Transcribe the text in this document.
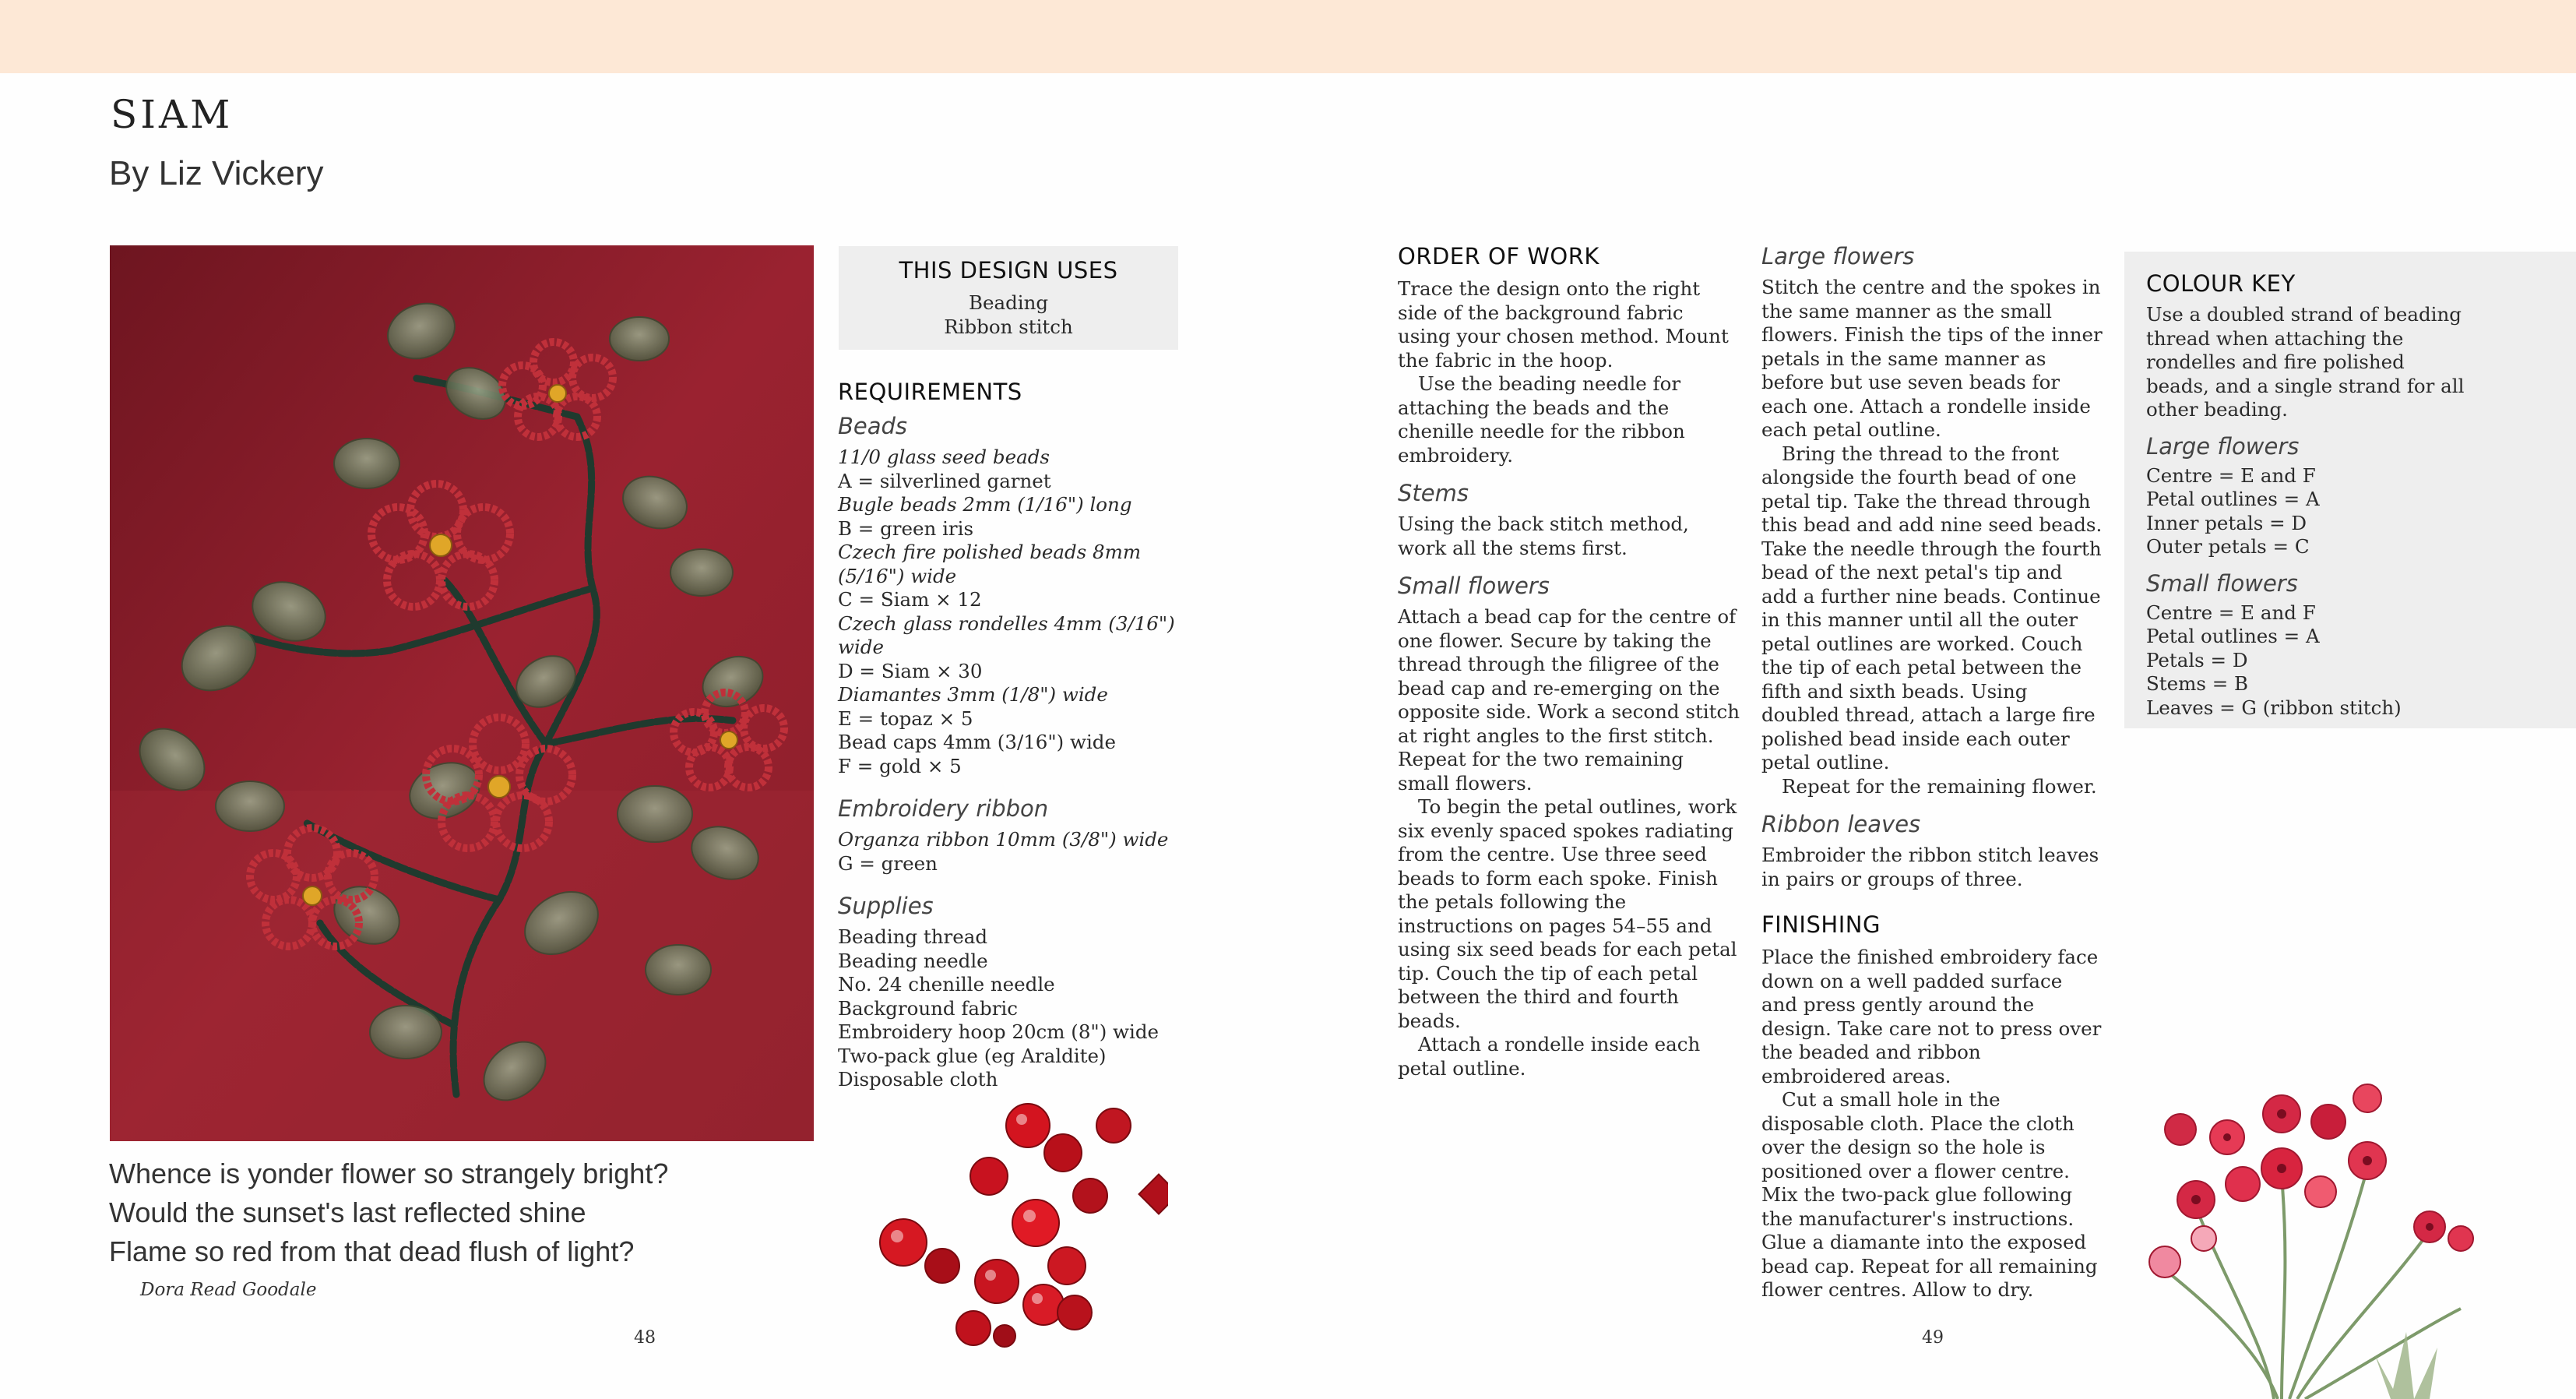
SIAM
By Liz Vickery
THIS DESIGN USES
Beading
Ribbon stitch
REQUIREMENTS
Beads
11/0 glass seed beads
A = silverlined garnet
Bugle beads 2mm (1/16") long
B = green iris
Czech fire polished beads 8mm (5/16") wide
C = Siam × 12
Czech glass rondelles 4mm (3/16") wide
D = Siam × 30
Diamantes 3mm (1/8") wide
E = topaz × 5
Bead caps 4mm (3/16") wide
F = gold × 5
Embroidery ribbon
Organza ribbon 10mm (3/8") wide
G = green
Supplies
Beading thread
Beading needle
No. 24 chenille needle
Background fabric
Embroidery hoop 20cm (8") wide
Two-pack glue (eg Araldite)
Disposable cloth
Whence is yonder flower so strangely bright?
Would the sunset's last reflected shine
Flame so red from that dead flush of light?
Dora Read Goodale
48	49
ORDER OF WORK
Trace the design onto the right side of the background fabric using your chosen method. Mount the fabric in the hoop.
Use the beading needle for attaching the beads and the chenille needle for the ribbon embroidery.
Stems
Using the back stitch method, work all the stems first.
Small flowers
Attach a bead cap for the centre of one flower. Secure by taking the thread through the filigree of the bead cap and re-emerging on the opposite side. Work a second stitch at right angles to the first stitch. Repeat for the two remaining small flowers.
To begin the petal outlines, work six evenly spaced spokes radiating from the centre. Use three seed beads to form each spoke. Finish the petals following the instructions on pages 54–55 and using six seed beads for each petal tip. Couch the tip of each petal between the third and fourth beads.
Attach a rondelle inside each petal outline.
Large flowers
Stitch the centre and the spokes in the same manner as the small flowers. Finish the tips of the inner petals in the same manner as before but use seven beads for each one. Attach a rondelle inside each petal outline.
Bring the thread to the front alongside the fourth bead of one petal tip. Take the thread through this bead and add nine seed beads. Take the needle through the fourth bead of the next petal's tip and add a further nine beads. Continue in this manner until all the outer petal outlines are worked. Couch the tip of each petal between the fifth and sixth beads. Using doubled thread, attach a large fire polished bead inside each outer petal outline.
Repeat for the remaining flower.
Ribbon leaves
Embroider the ribbon stitch leaves in pairs or groups of three.
FINISHING
Place the finished embroidery face down on a well padded surface and press gently around the design. Take care not to press over the beaded and ribbon embroidered areas.
Cut a small hole in the disposable cloth. Place the cloth over the design so the hole is positioned over a flower centre. Mix the two-pack glue following the manufacturer's instructions. Glue a diamante into the exposed bead cap. Repeat for all remaining flower centres. Allow to dry.
COLOUR KEY
Use a doubled strand of beading thread when attaching the rondelles and fire polished beads, and a single strand for all other beading.
Large flowers
Centre = E and F
Petal outlines = A
Inner petals = D
Outer petals = C
Small flowers
Centre = E and F
Petal outlines = A
Petals = D
Stems = B
Leaves = G (ribbon stitch)
